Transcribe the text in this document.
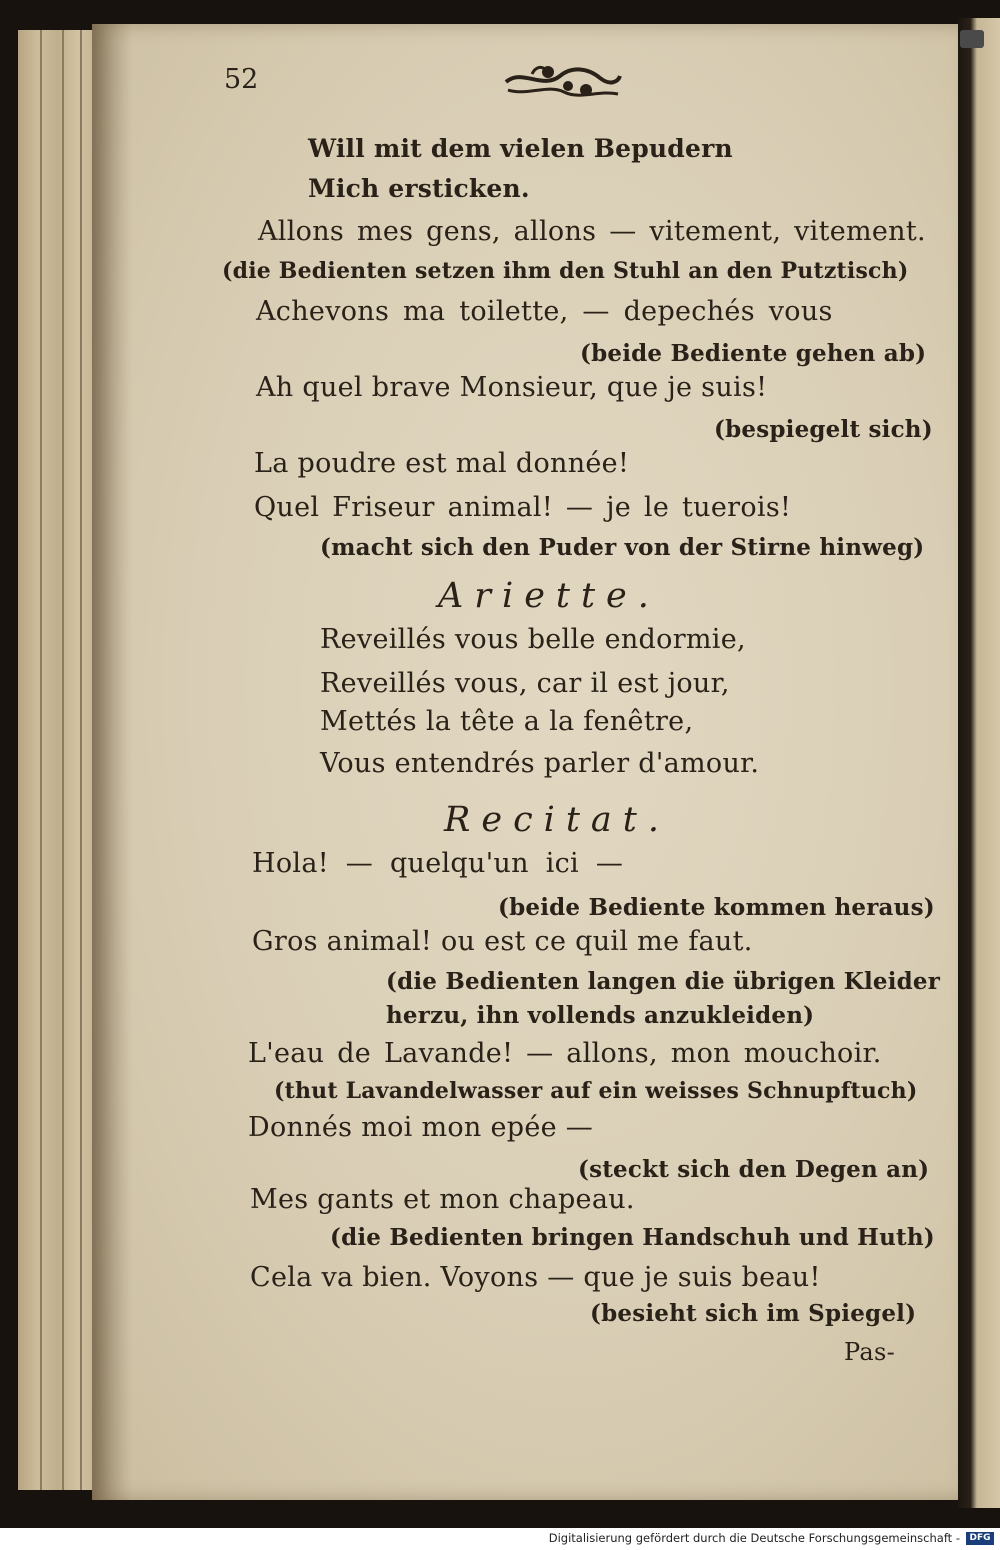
52
Will mit dem vielen Bepudern
Mich ersticken.
Allons mes gens, allons — vitement, vitement.
(die Bedienten setzen ihm den Stuhl an den Putztisch)
Achevons ma toilette, — depechés vous
(beide Bediente gehen ab)
Ah quel brave Monsieur, que je suis!
(bespiegelt sich)
La poudre est mal donnée!
Quel Friseur animal! — je le tuerois!
(macht sich den Puder von der Stirne hinweg)
Ariette.
Reveillés vous belle endormie,
Reveillés vous, car il est jour,
Mettés la tête a la fenêtre,
Vous entendrés parler d'amour.
Recitat.
Hola! — quelqu'un ici —
(beide Bediente kommen heraus)
Gros animal! ou est ce quil me faut.
(die Bedienten langen die übrigen Kleider
herzu, ihn vollends anzukleiden)
L'eau de Lavande! — allons, mon mouchoir.
(thut Lavandelwasser auf ein weisses Schnupftuch)
Donnés moi mon epée —
(steckt sich den Degen an)
Mes gants et mon chapeau.
(die Bedienten bringen Handschuh und Huth)
Cela va bien. Voyons — que je suis beau!
(besieht sich im Spiegel)
Pas-
Digitalisierung gefördert durch die Deutsche Forschungsgemeinschaft -	DFG
